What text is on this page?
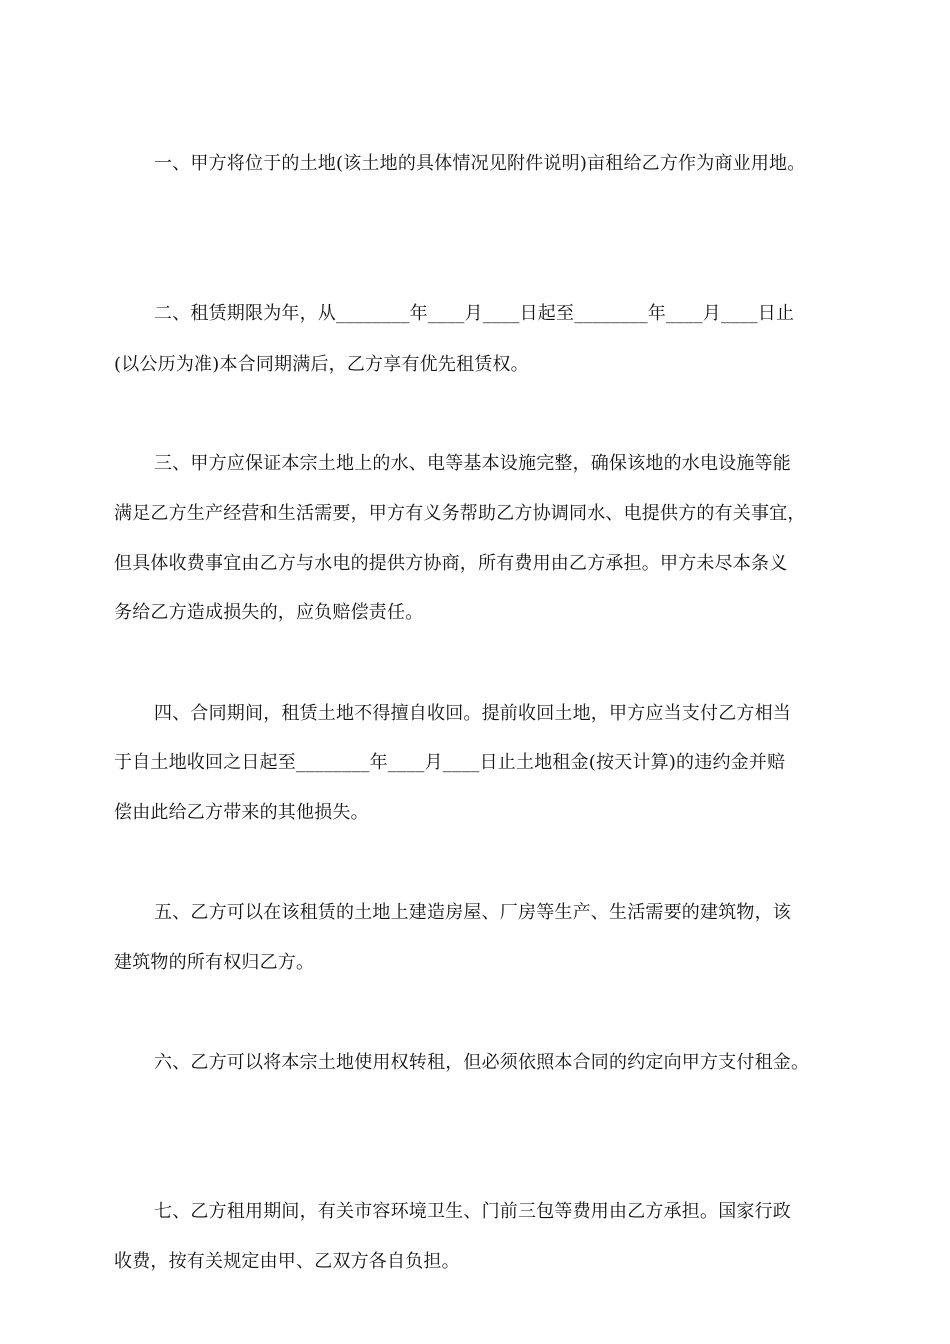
一、甲方将位于的土地(该土地的具体情况见附件说明)亩租给乙方作为商业用地。
二、租赁期限为年，从________年____月____日起至________年____月____日止
(以公历为准)本合同期满后，乙方享有优先租赁权。
三、甲方应保证本宗土地上的水、电等基本设施完整，确保该地的水电设施等能
满足乙方生产经营和生活需要，甲方有义务帮助乙方协调同水、电提供方的有关事宜，
但具体收费事宜由乙方与水电的提供方协商，所有费用由乙方承担。甲方未尽本条义
务给乙方造成损失的，应负赔偿责任。
四、合同期间，租赁土地不得擅自收回。提前收回土地，甲方应当支付乙方相当
于自土地收回之日起至________年____月____日止土地租金(按天计算)的违约金并赔
偿由此给乙方带来的其他损失。
五、乙方可以在该租赁的土地上建造房屋、厂房等生产、生活需要的建筑物，该
建筑物的所有权归乙方。
六、乙方可以将本宗土地使用权转租，但必须依照本合同的约定向甲方支付租金。
七、乙方租用期间，有关市容环境卫生、门前三包等费用由乙方承担。国家行政
收费，按有关规定由甲、乙双方各自负担。
